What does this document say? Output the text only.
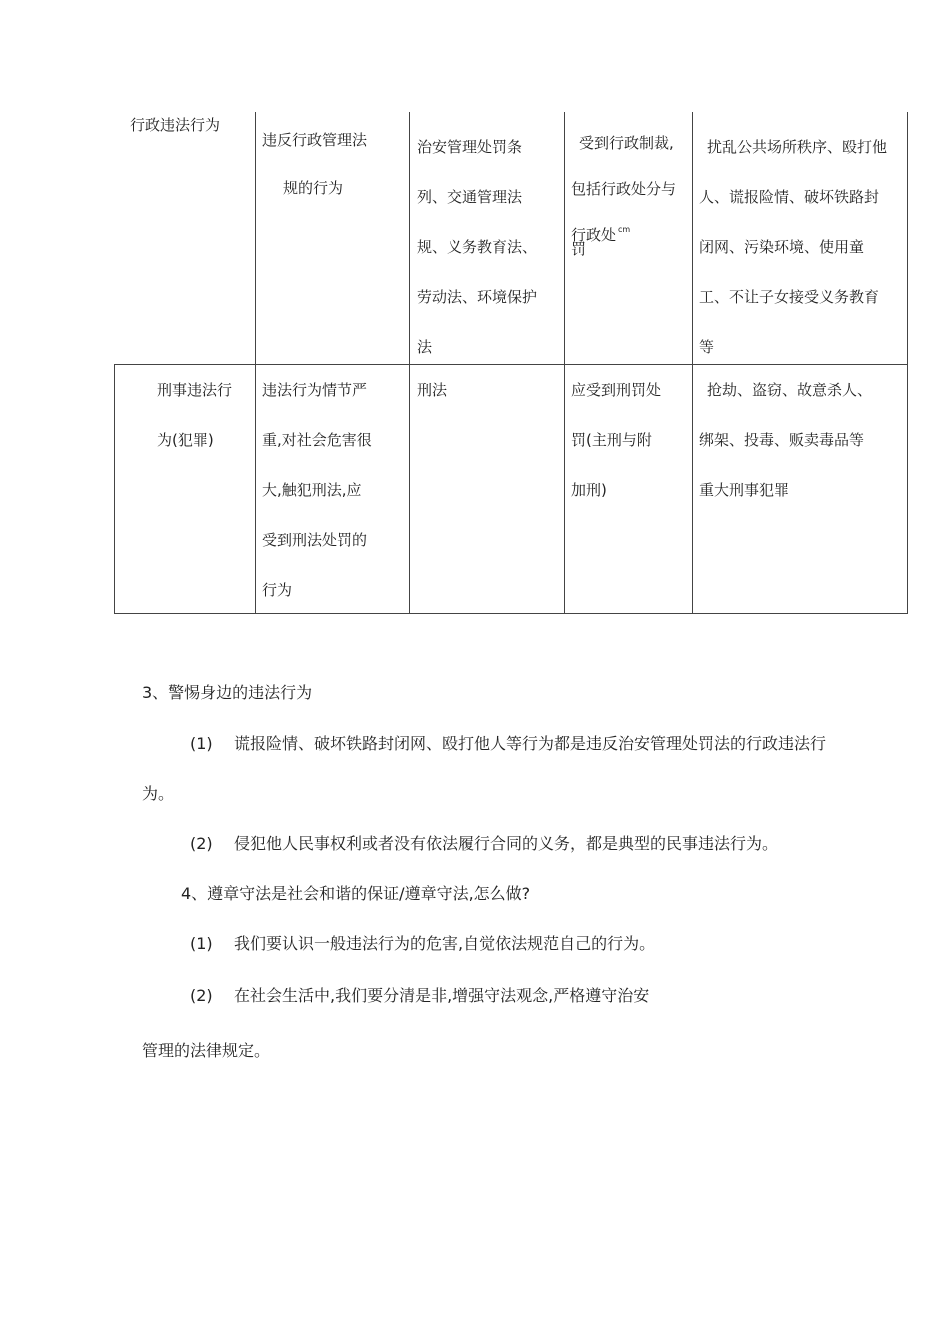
行政违法行为
违反行政管理法
规的行为
治安管理处罚条
列、交通管理法
规、义务教育法、
劳动法、环境保护
法
受到行政制裁,
包括行政处分与
行政处 cm
罚
扰乱公共场所秩序、殴打他
人、谎报险情、破坏铁路封
闭网、污染环境、使用童
工、不让子女接受义务教育
等
刑事违法行
为(犯罪)
违法行为情节严
重,对社会危害很
大,触犯刑法,应
受到刑法处罚的
行为
刑法	应受到刑罚处
罚(主刑与附
加刑)
抢劫、盗窃、故意杀人、
绑架、投毒、贩卖毒品等
重大刑事犯罪
3、警惕身边的违法行为
(1) 谎报险情、破坏铁路封闭网、殴打他人等行为都是违反治安管理处罚法的行政违法行
为。
(2) 侵犯他人民事权利或者没有依法履行合同的义务，都是典型的民事违法行为。
4、遵章守法是社会和谐的保证/遵章守法,怎么做?
(1) 我们要认识一般违法行为的危害,自觉依法规范自己的行为。
(2) 在社会生活中,我们要分清是非,增强守法观念,严格遵守治安
管理的法律规定。
